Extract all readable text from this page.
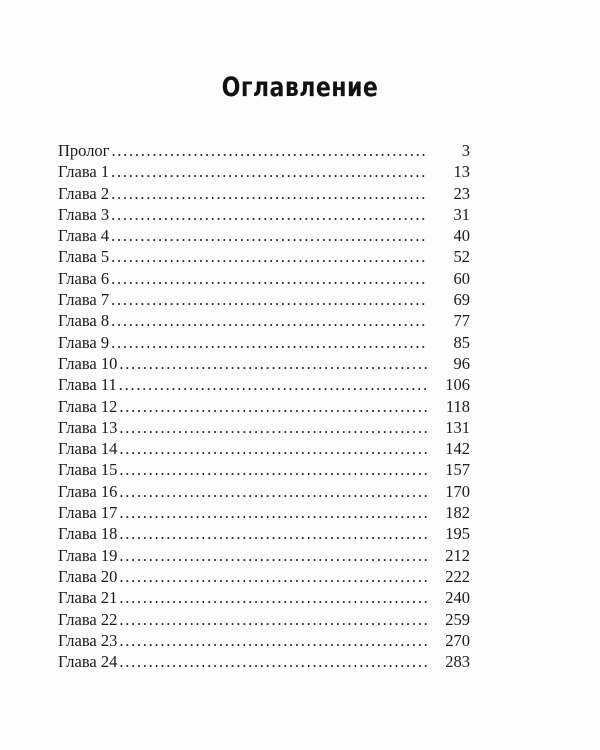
Оглавление
Пролог . . .	3
Глава 1 . . .	13
Глава 2 . . .	23
Глава 3 . . .	31
Глава 4 . . .	40
Глава 5 . . .	52
Глава 6 . . .	60
Глава 7 . . .	69
Глава 8 . . .	77
Глава 9 . . .	85
Глава 10 . . .	96
Глава 11 . . .	106
Глава 12 . . .	118
Глава 13 . . .	131
Глава 14 . . .	142
Глава 15 . . .	157
Глава 16 . . .	170
Глава 17 . . .	182
Глава 18 . . .	195
Глава 19 . . .	212
Глава 20 . . .	222
Глава 21 . . .	240
Глава 22 . . .	259
Глава 23 . . .	270
Глава 24 . . .	283
